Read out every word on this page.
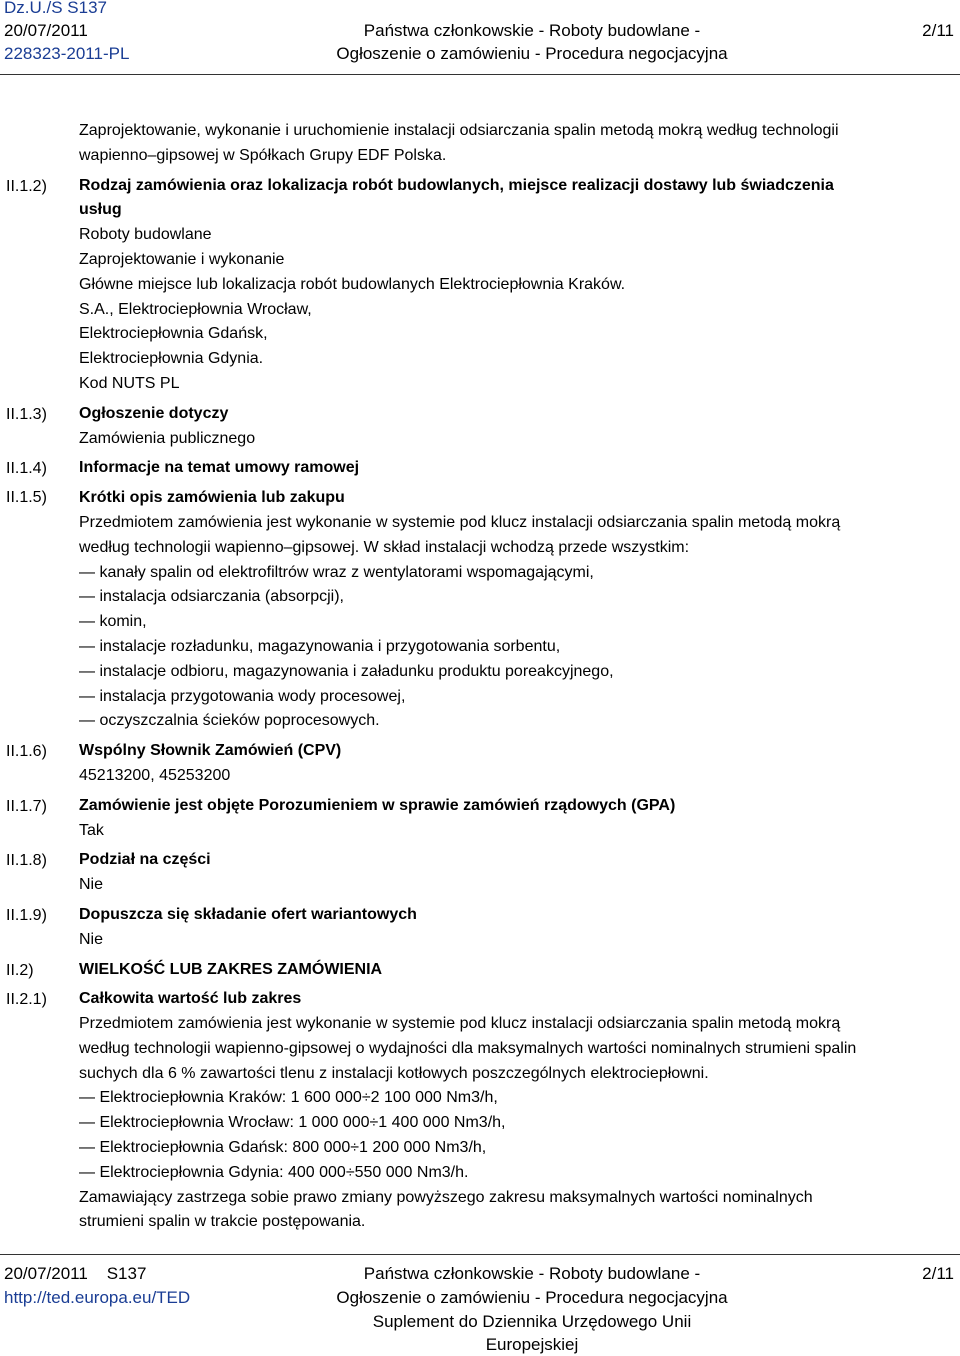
Dz.U./S S137
20/07/2011
228323-2011-PL
Państwa członkowskie - Roboty budowlane -
Ogłoszenie o zamówieniu - Procedura negocjacyjna
2/11
II.1.2)
II.1.3)
II.1.4)
II.1.5)
II.1.6)
II.1.7)
II.1.8)
II.1.9)
II.2)
II.2.1)

Zaprojektowanie, wykonanie i uruchomienie instalacji odsiarczania spalin metodą mokrą według technologii

wapienno–gipsowej w Spółkach Grupy EDF Polska.

Rodzaj zamówienia oraz lokalizacja robót budowlanych, miejsce realizacji dostawy lub świadczenia

usług

Roboty budowlane

Zaprojektowanie i wykonanie

Główne miejsce lub lokalizacja robót budowlanych Elektrociepłownia Kraków.

S.A., Elektrociepłownia Wrocław,

Elektrociepłownia Gdańsk,

Elektrociepłownia Gdynia.

Kod NUTS PL

Ogłoszenie dotyczy

Zamówienia publicznego

Informacje na temat umowy ramowej

Krótki opis zamówienia lub zakupu

Przedmiotem zamówienia jest wykonanie w systemie pod klucz instalacji odsiarczania spalin metodą mokrą

według technologii wapienno–gipsowej. W skład instalacji wchodzą przede wszystkim:

— kanały spalin od elektrofiltrów wraz z wentylatorami wspomagającymi,

— instalacja odsiarczania (absorpcji),

— komin,

— instalacje rozładunku, magazynowania i przygotowania sorbentu,

— instalacje odbioru, magazynowania i załadunku produktu poreakcyjnego,

— instalacja przygotowania wody procesowej,

— oczyszczalnia ścieków poprocesowych.

Wspólny Słownik Zamówień (CPV)

45213200, 45253200

Zamówienie jest objęte Porozumieniem w sprawie zamówień rządowych (GPA)

Tak

Podział na części

Nie

Dopuszcza się składanie ofert wariantowych

Nie

WIELKOŚĆ LUB ZAKRES ZAMÓWIENIA

Całkowita wartość lub zakres

Przedmiotem zamówienia jest wykonanie w systemie pod klucz instalacji odsiarczania spalin metodą mokrą

według technologii wapienno-gipsowej o wydajności dla maksymalnych wartości nominalnych strumieni spalin

suchych dla 6 % zawartości tlenu z instalacji kotłowych poszczególnych elektrociepłowni.

— Elektrociepłownia Kraków: 1 600 000÷2 100 000 Nm3/h,

— Elektrociepłownia Wrocław: 1 000 000÷1 400 000 Nm3/h,

— Elektrociepłownia Gdańsk: 800 000÷1 200 000 Nm3/h,

— Elektrociepłownia Gdynia: 400 000÷550 000 Nm3/h.

Zamawiający zastrzega sobie prawo zmiany powyższego zakresu maksymalnych wartości nominalnych

strumieni spalin w trakcie postępowania.

20/07/2011    S137
http://ted.europa.eu/TED
Państwa członkowskie - Roboty budowlane -
Ogłoszenie o zamówieniu - Procedura negocjacyjna
Suplement do Dziennika Urzędowego Unii Europejskiej
2/11
